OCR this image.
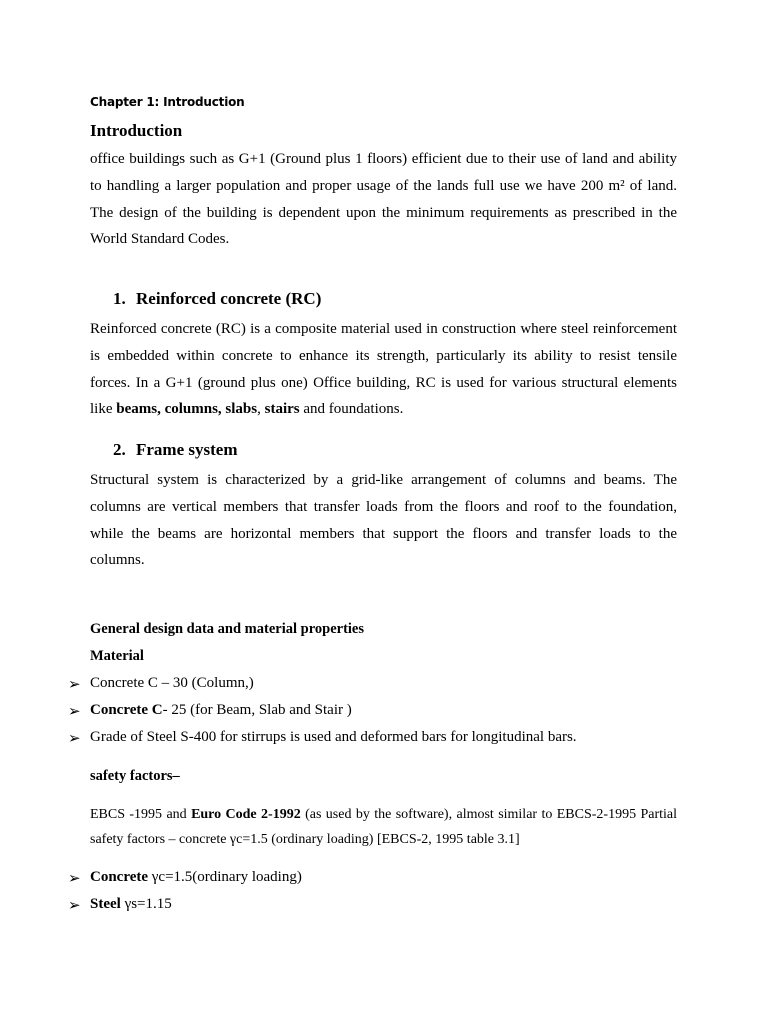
Chapter 1: Introduction
Introduction
office buildings such as G+1 (Ground plus 1 floors) efficient due to their use of land and ability
to handling a larger population and proper usage of the lands full use we have 200 m² of land.
The design of the building is dependent upon the minimum requirements as prescribed in the
World Standard Codes.
1. Reinforced concrete (RC)
Reinforced concrete (RC) is a composite material used in construction where steel reinforcement
is embedded within concrete to enhance its strength, particularly its ability to resist tensile
forces. In a G+1 (ground plus one) Office building, RC is used for various structural elements
like beams, columns, slabs, stairs and foundations.
2. Frame system
Structural system is characterized by a grid-like arrangement of columns and beams. The
columns are vertical members that transfer loads from the floors and roof to the foundation,
while the beams are horizontal members that support the floors and transfer loads to the
columns.
General design data and material properties
Material
➢ Concrete C – 30 (Column,)
➢ Concrete C- 25 (for Beam, Slab and Stair )
➢ Grade of Steel S-400 for stirrups is used and deformed bars for longitudinal bars.
safety factors–
EBCS -1995 and Euro Code 2-1992 (as used by the software), almost similar to EBCS-2-1995 Partial
safety factors – concrete γc=1.5 (ordinary loading) [EBCS-2, 1995 table 3.1]
➢ Concrete γc=1.5(ordinary loading)
➢ Steel γs=1.15
